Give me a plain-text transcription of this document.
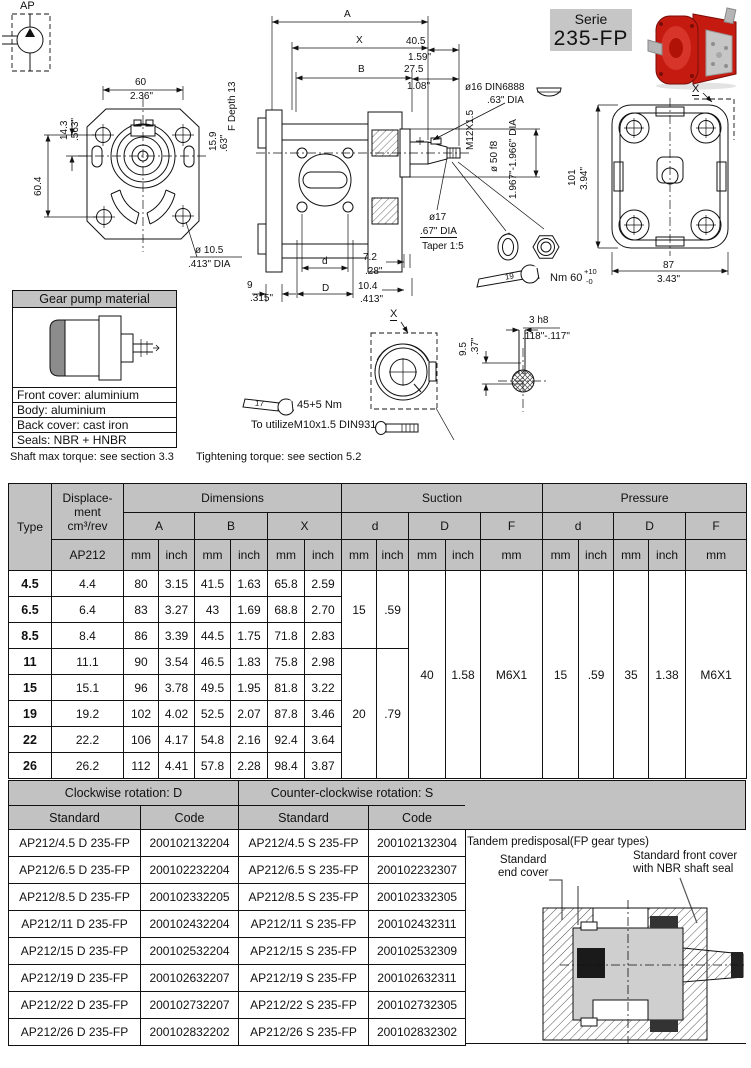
AP
60
2.36"
14.3 .563"
60.4
ø 10.5
.413" DIA
A
X
B
40.5
1.59"
27.5
1.08"	ø16 DIN6888
.63" DIA
M12X1.5
ø 50 f8 1.967"-1.966" DIA
ø17
.67" DIA
Taper 1:5
d	7.2
.28"
9
.315"
D	10.4
.413"
F Depth 13
15.9 .63"
X
101 3.94"
87
3.43"
19	Nm 60
+10
-0
X
17	45+5 Nm
To utilizeM10x1.5 DIN931
3 h8
.118"-.117"
9.5 .37"
Serie
235-FP
Gear pump material
Front cover: aluminium
Body: aluminium
Back cover: cast iron
Seals: NBR + HNBR
Shaft max torque: see section 3.3 Tightening torque: see section 5.2
Type	Displace-
ment
cm³/rev	Dimensions						Suction					Pressure				
		A		B		X		d		D		F	d		D		F
	AP212	mm	inch	mm	inch	mm	inch	mm	inch	mm	inch	mm	mm	inch	mm	inch	mm
4.5	4.4	80	3.15	41.5	1.63	65.8	2.59	15	.59	40	1.58	M6X1	15	.59	35	1.38	M6X1
6.5	6.4	83	3.27	43	1.69	68.8	2.70										
8.5	8.4	86	3.39	44.5	1.75	71.8	2.83										
11	11.1	90	3.54	46.5	1.83	75.8	2.98	20	.79								
15	15.1	96	3.78	49.5	1.95	81.8	3.22										
19	19.2	102	4.02	52.5	2.07	87.8	3.46										
22	22.2	106	4.17	54.8	2.16	92.4	3.64										
26	26.2	112	4.41	57.8	2.28	98.4	3.87										
Clockwise rotation: D		Counter-clockwise rotation: S	
Standard	Code	Standard	Code
AP212/4.5 D 235-FP	200102132204	AP212/4.5 S 235-FP	200102132304
AP212/6.5 D 235-FP	200102232204	AP212/6.5 S 235-FP	200102232307
AP212/8.5 D 235-FP	200102332205	AP212/8.5 S 235-FP	200102332305
AP212/11 D 235-FP	200102432204	AP212/11 S 235-FP	200102432311
AP212/15 D 235-FP	200102532204	AP212/15 S 235-FP	200102532309
AP212/19 D 235-FP	200102632207	AP212/19 S 235-FP	200102632311
AP212/22 D 235-FP	200102732207	AP212/22 S 235-FP	200102732305
AP212/26 D 235-FP	200102832202	AP212/26 S 235-FP	200102832302
Tandem predisposal(FP gear types)
Standard
end cover
Standard front cover
with NBR shaft seal
